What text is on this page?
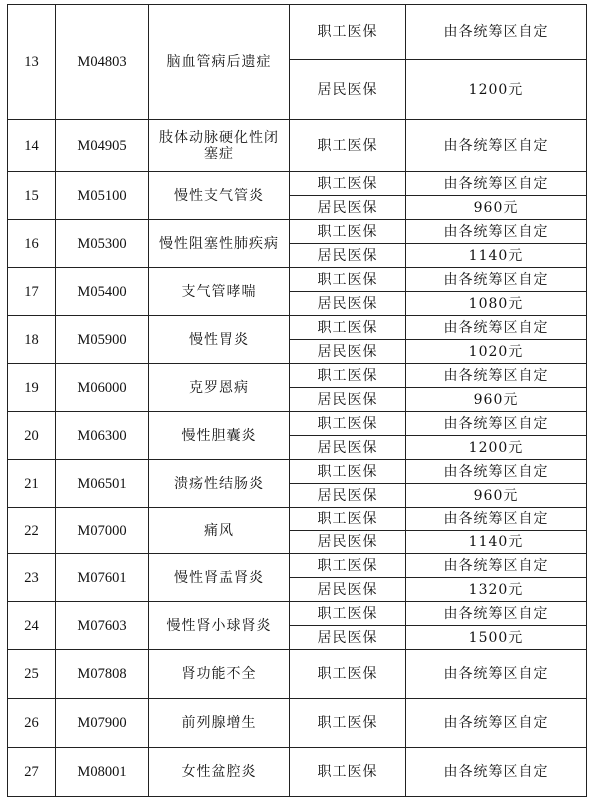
13	M04803	脑血管病后遗症	职工医保	由各统筹区自定
			居民医保	1200元
14	M04905	肢体动脉硬化性闭塞症	职工医保	由各统筹区自定
15	M05100	慢性支气管炎	职工医保	由各统筹区自定
			居民医保	960元
16	M05300	慢性阻塞性肺疾病	职工医保	由各统筹区自定
			居民医保	1140元
17	M05400	支气管哮喘	职工医保	由各统筹区自定
			居民医保	1080元
18	M05900	慢性胃炎	职工医保	由各统筹区自定
			居民医保	1020元
19	M06000	克罗恩病	职工医保	由各统筹区自定
			居民医保	960元
20	M06300	慢性胆囊炎	职工医保	由各统筹区自定
			居民医保	1200元
21	M06501	溃疡性结肠炎	职工医保	由各统筹区自定
			居民医保	960元
22	M07000	痛风	职工医保	由各统筹区自定
			居民医保	1140元
23	M07601	慢性肾盂肾炎	职工医保	由各统筹区自定
			居民医保	1320元
24	M07603	慢性肾小球肾炎	职工医保	由各统筹区自定
			居民医保	1500元
25	M07808	肾功能不全	职工医保	由各统筹区自定
26	M07900	前列腺增生	职工医保	由各统筹区自定
27	M08001	女性盆腔炎	职工医保	由各统筹区自定
